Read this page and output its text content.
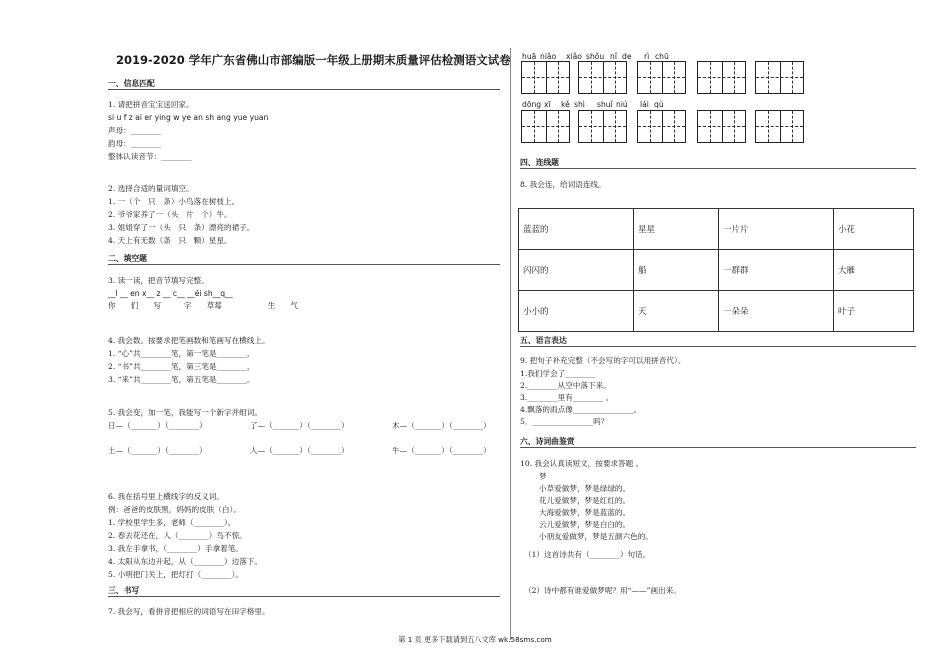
2019-2020 学年广东省佛山市部编版一年级上册期末质量评估检测语文试卷
一、信息匹配
1. 请把拼音宝宝送回家。
si u f z ai er ying w ye an sh ang yue yuan
声母：________
韵母：________
整体认读音节：________
2. 选择合适的量词填空。
1. 一（个　只　条）小鸟落在树枝上。
2. 爷爷家养了一（头　片　个）牛。
3. 姐姐穿了一（头　只　条）漂亮的裙子。
4. 天上有无数（条　只　颗）星星。
二、填空题
3. 读一读，把音节填写完整。
__l __ en x__ z __ c__ __éi sh__q__
你　　们　　写　　　字　　草莓　　　　　　生　　气
4. 我会数。按要求把笔画数和笔画写在横线上。
1. “心”共________笔，第一笔是________，
2. “书”共________笔，第三笔是________，
3. “来”共________笔，第五笔是________。
5. 我会变，加一笔，我能写一个新字并组词。
日—（_______）（________）	了—（_______）（________）	木—（_______）（________）
土—（_______）（________）	人—（_______）（________）	牛—（_______）（________）
6. 我在括号里上横线字的反义词。
例：爸爸的皮肤黑，妈妈的皮肤（白）。
1. 学校里学生多，老师（________）。
2. 春去花还在，人（________）鸟不惊。
3. 我左手拿书，（________）手拿着笔。
4. 太阳从东边升起，从（________）边落下。
5. 小明把门关上，把灯打（________）。
三、书写
7. 我会写，看拼音把相应的词语写在田字格里。
huā niǎo xiǎo shǒu nǐ de rì chū
dōng xī kě shì shuǐ niú lái qù
四、连线题
8. 我会连，给词语连线。
蓝蓝的	星星	一片片	小花
闪闪的	船	一群群	大雁
小小的	天	一朵朵	叶子
五、语言表达
9. 把句子补充完整（不会写的字可以用拼音代）。
1.我们学会了________
2.________从空中落下来。
3.________里有________ 。
4.飘落的雨点像________________。
5．________________吗？
六、诗词曲鉴赏
10. 我会认真读短文，按要求答题 。
梦
小草爱做梦，梦是绿绿的。
花儿爱做梦，梦是红红的。
大海爱做梦，梦是蓝蓝的。
云儿爱做梦，梦是白白的。
小朋友爱做梦，梦是五颜六色的。
（1）这首诗共有（________）句话。
（2）诗中都有谁爱做梦呢？用“——”画出来。
第 1 页 更多下载请到五八文库 wk.58sms.com
